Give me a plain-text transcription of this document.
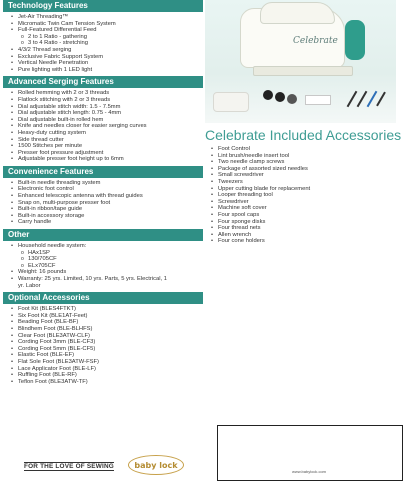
Technology Features
• Jet-Air Threading™
• Micromatic Twin Cam Tension System
• Full-Featured Differential Feed
o 2 to 1 Ratio - gathering
o 3 to 4 Ratio - stretching
• 4/3/2 Thread serging
• Exclusive Fabric Support System
• Vertical Needle Penetration
• Pure lighting with 1 LED light
Advanced Serging Features
• Rolled hemming with 2 or 3 threads
• Flatlock stitching with 2 or 3 threads
• Dial adjustable stitch width: 1.5 - 7.5mm
• Dial adjustable stitch length: 0.75 - 4mm
• Dial adjustable built-in rolled hem
• Knife and needles closer for easier serging curves
• Heavy-duty cutting system
• Side thread cutter
• 1500 Stitches per minute
• Presser foot pressure adjustment
• Adjustable presser foot height up to 6mm
Convenience Features
• Built-in needle threading system
• Electronic foot control
• Enhanced telescopic antenna with thread guides
• Snap on, multi-purpose presser foot
• Built-in ribbon/tape guide
• Built-in accessory storage
• Carry handle
Other
• Household needle system:
o HAx1SP
o 130/705CF
o ELx705CF
• Weight: 16 pounds
• Warranty: 25 yrs. Limited, 10 yrs. Parts, 5 yrs. Electrical, 1 yr. Labor
Optional Accessories
• Foot Kit (BLES4FTKT)
• Six Foot Kit (BLE1AT-Feet)
• Beading Foot (BLE-BF)
• Blindhem Foot (BLE-BLHFS)
• Clear Foot (BLE3ATW-CLF)
• Cording Foot 3mm (BLE-CF3)
• Cording Foot 5mm (BLE-CF5)
• Elastic Foot (BLE-EF)
• Flat Sole Foot (BLE3ATW-FSF)
• Lace Applicator Foot (BLE-LF)
• Ruffling Foot (BLE-RF)
• Teflon Foot (BLE3ATW-TF)
Celebrate
Celebrate Included Accessories
• Foot Control
• Lint brush/needle insert tool
• Two needle clamp screws
• Package of assorted sized needles
• Small screwdriver
• Tweezers
• Upper cutting blade for replacement
• Looper threading tool
• Screwdriver
• Machine soft cover
• Four spool caps
• Four sponge disks
• Four thread nets
• Allen wrench
• Four cone holders
www.babylock.com
FOR THE LOVE OF SEWING	baby lock
